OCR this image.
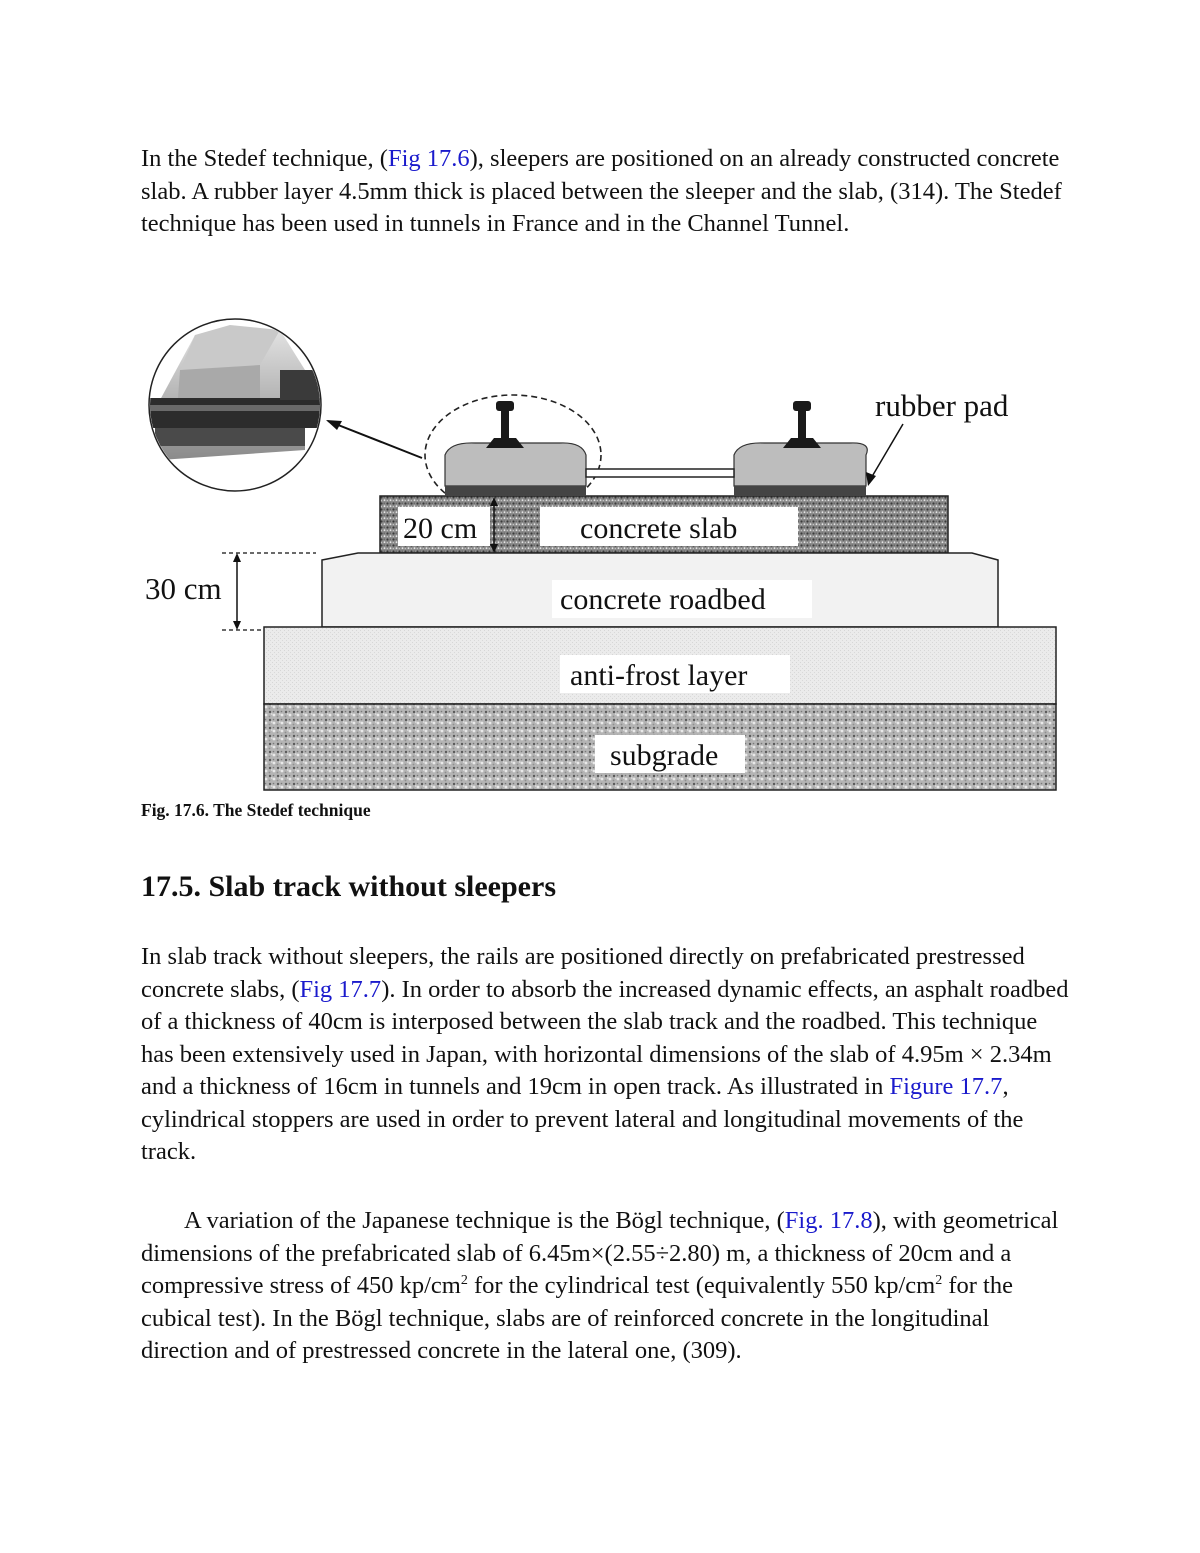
In the Stedef technique, (Fig 17.6), sleepers are positioned on an already constructed concrete slab. A rubber layer 4.5mm thick is placed between the sleeper and the slab, (314). The Stedef technique has been used in tunnels in France and in the Channel Tunnel.

rubber pad
20 cm	concrete slab
30 cm	concrete roadbed
anti-frost layer
subgrade

Fig. 17.6. The Stedef technique

17.5. Slab track without sleepers

In slab track without sleepers, the rails are positioned directly on prefabricated prestressed concrete slabs, (Fig 17.7). In order to absorb the increased dynamic effects, an asphalt roadbed of a thickness of 40cm is interposed between the slab track and the roadbed. This technique has been extensively used in Japan, with horizontal dimensions of the slab of 4.95m × 2.34m and a thickness of 16cm in tunnels and 19cm in open track. As illustrated in Figure 17.7, cylindrical stoppers are used in order to prevent lateral and longitudinal movements of the track.

A variation of the Japanese technique is the Bögl technique, (Fig. 17.8), with geometrical dimensions of the prefabricated slab of 6.45m×(2.55÷2.80) m, a thickness of 20cm and a compressive stress of 450 $kp/cm^2$ for the cylindrical test (equivalently 550 $kp/cm^2$ for the cubical test). In the Bögl technique, slabs are of reinforced concrete in the longitudinal direction and of prestressed concrete in the lateral one, (309).
